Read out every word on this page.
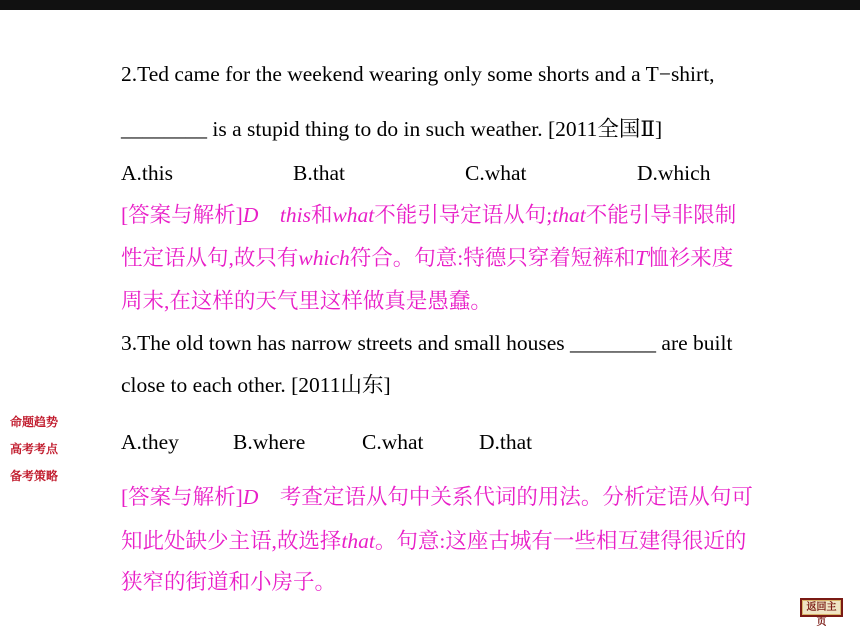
2.Ted came for the weekend wearing only some shorts and a T−shirt,
________ is a stupid thing to do in such weather. [2011全国Ⅱ]
A.this	B.that	C.what	D.which
[答案与解析]D　 this和what不能引导定语从句;that不能引导非限制
性定语从句,故只有which符合。句意:特德只穿着短裤和T恤衫来度
周末,在这样的天气里这样做真是愚蠢。
3.The old town has narrow streets and small houses ________ are built
close to each other. [2011山东]
A.they	B.where	C.what	D.that
[答案与解析]D　考查定语从句中关系代词的用法。分析定语从句可
知此处缺少主语,故选择that。句意:这座古城有一些相互建得很近的
狭窄的街道和小房子。
命题趋势
高考考点
备考策略
返回主页
